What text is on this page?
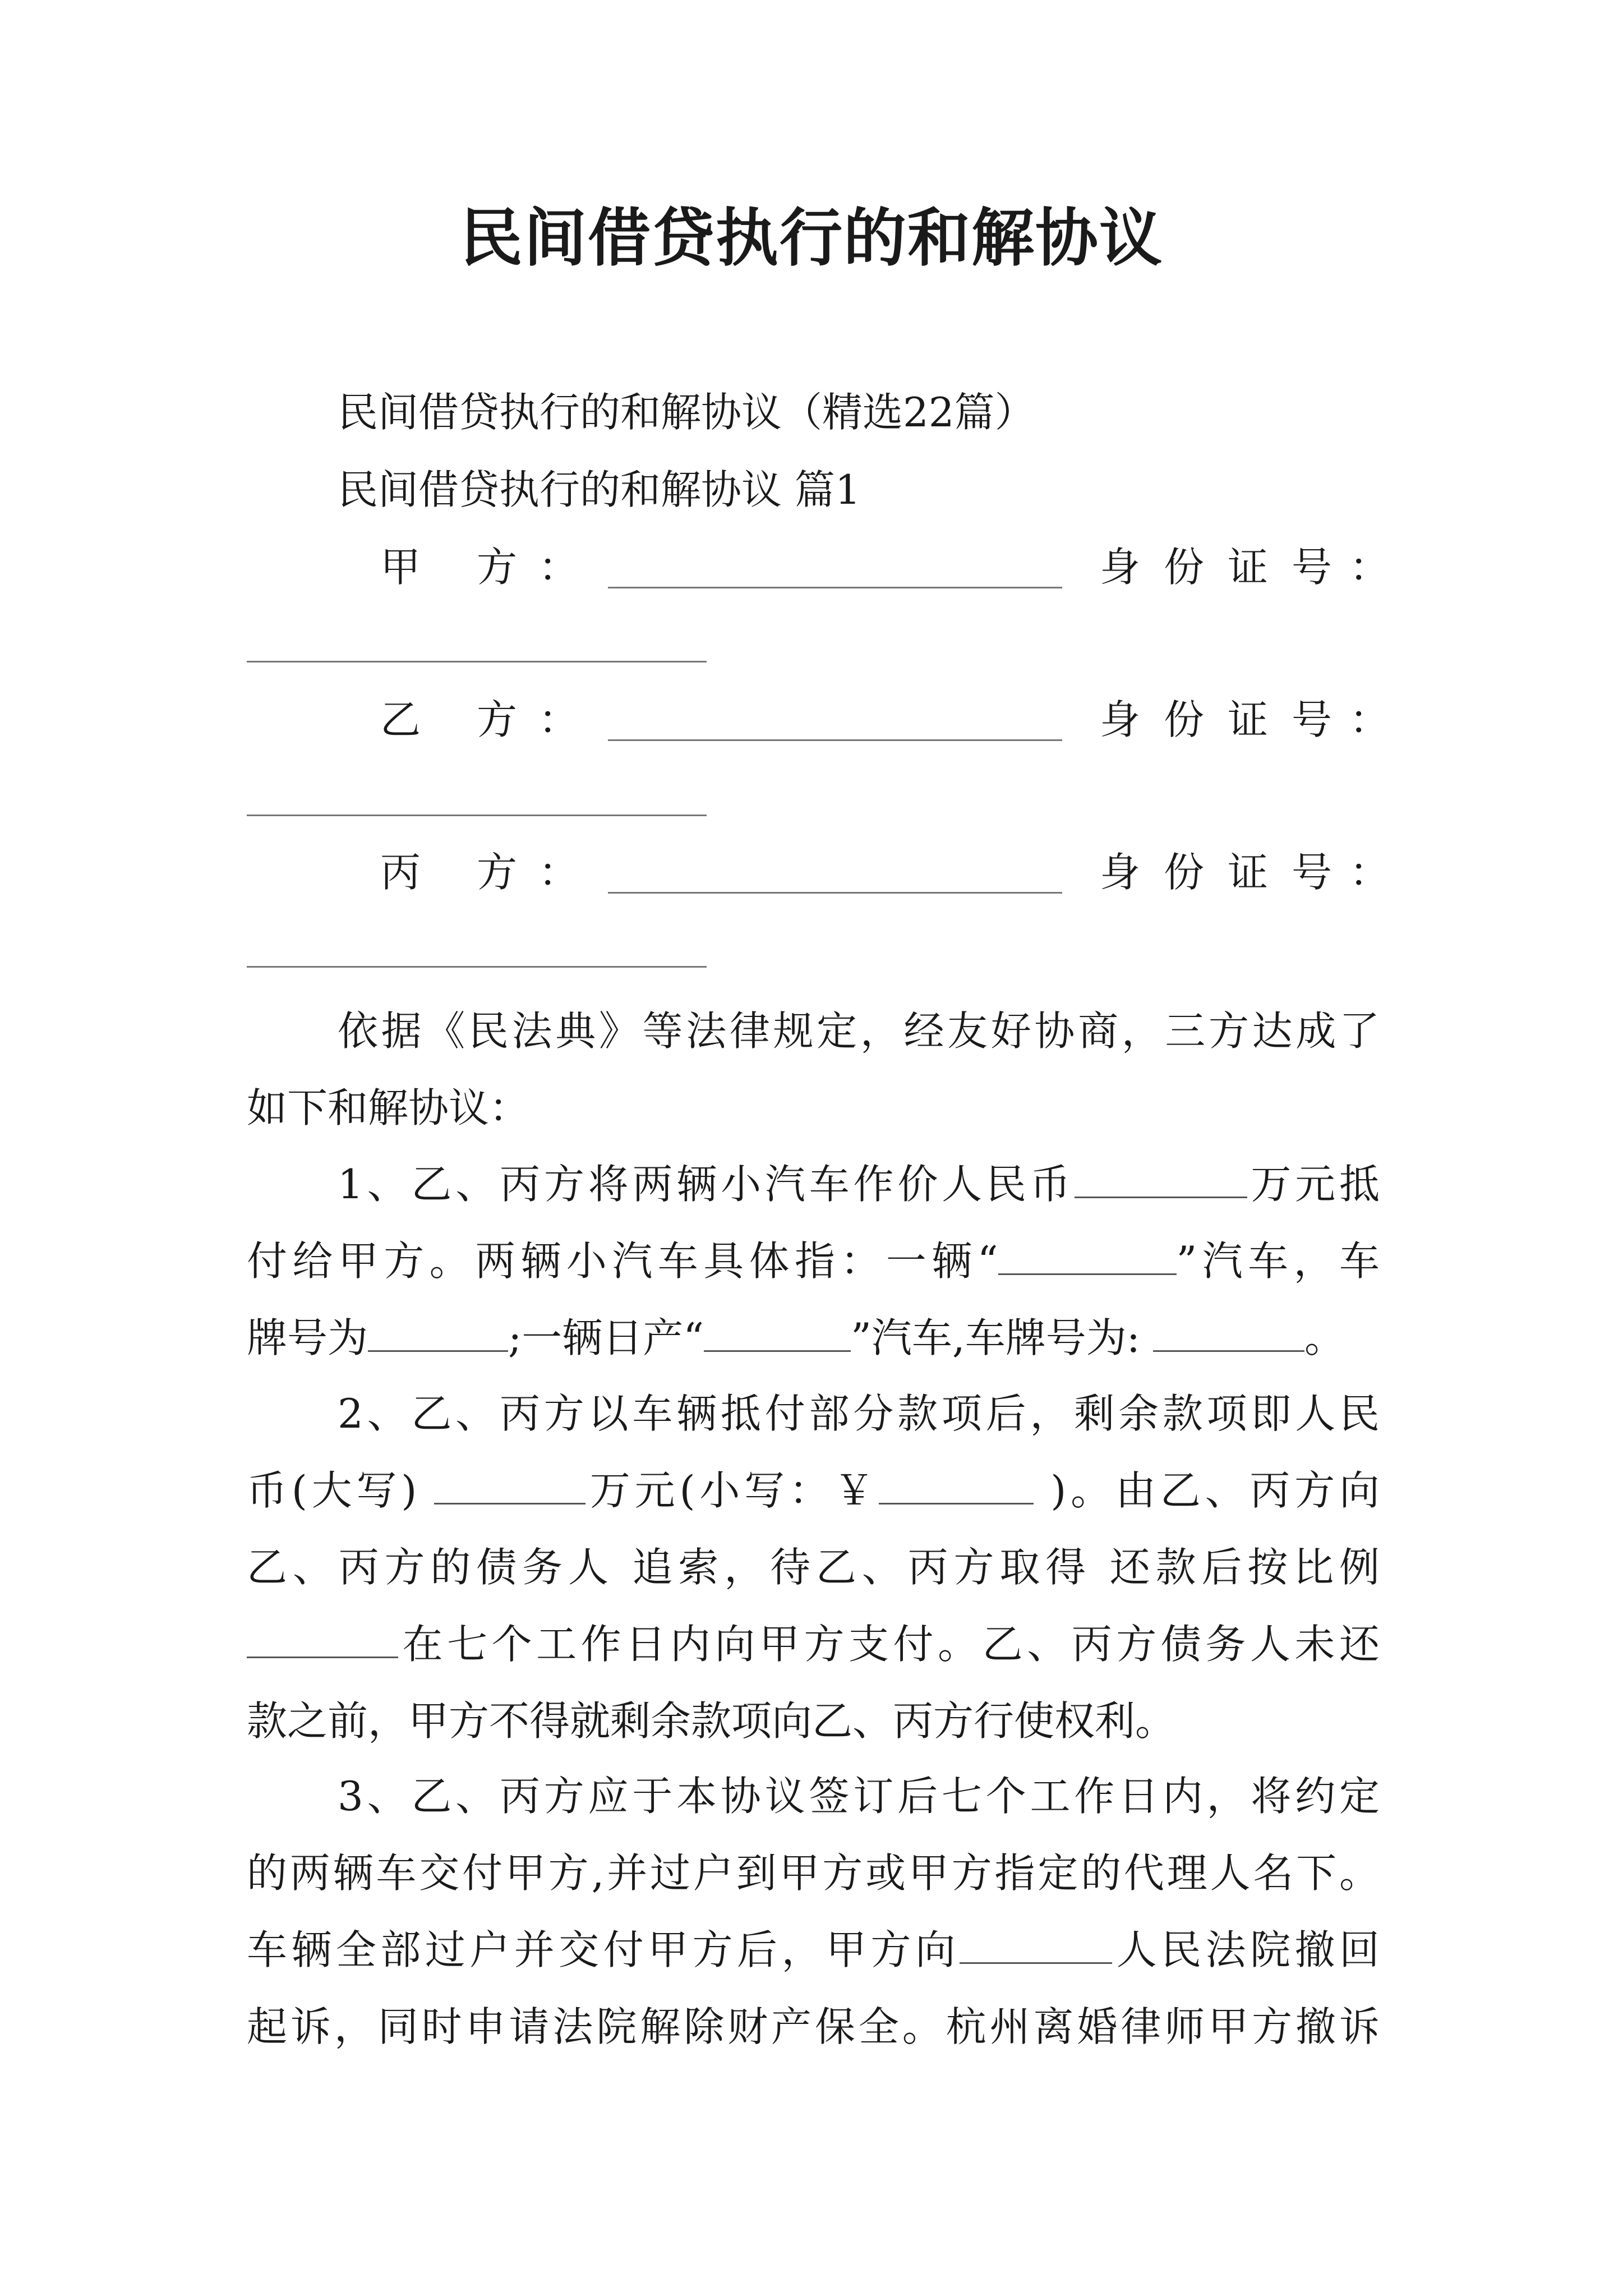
民间借贷执行的和解协议
民间借贷执行的和解协议（精选22篇）
民间借贷执行的和解协议 篇1
甲 方 ：	身 份 证 号 ：
乙 方 ：	身 份 证 号 ：
丙 方 ：	身 份 证 号 ：
依据《民法典》等法律规定，经友好协商，三方达成了
如下和解协议：
1、乙、丙方将两辆小汽车作价人民币	万元抵
付给甲方。两辆小汽车具体指：一辆“	”汽车，车
牌号为	;一辆日产“	”汽车,车牌号为:	。
2、乙、丙方以车辆抵付部分款项后，剩余款项即人民
币(大写)	万元(小写：￥	)。由乙、丙方向
乙、丙方的债务人 追索，待乙、丙方取得 还款后按比例
在七个工作日内向甲方支付。乙、丙方债务人未还
款之前，甲方不得就剩余款项向乙、丙方行使权利。
3、乙、丙方应于本协议签订后七个工作日内，将约定
的两辆车交付甲方,并过户到甲方或甲方指定的代理人名下。
车辆全部过户并交付甲方后，甲方向	人民法院撤回
起诉，同时申请法院解除财产保全。杭州离婚律师甲方撤诉
